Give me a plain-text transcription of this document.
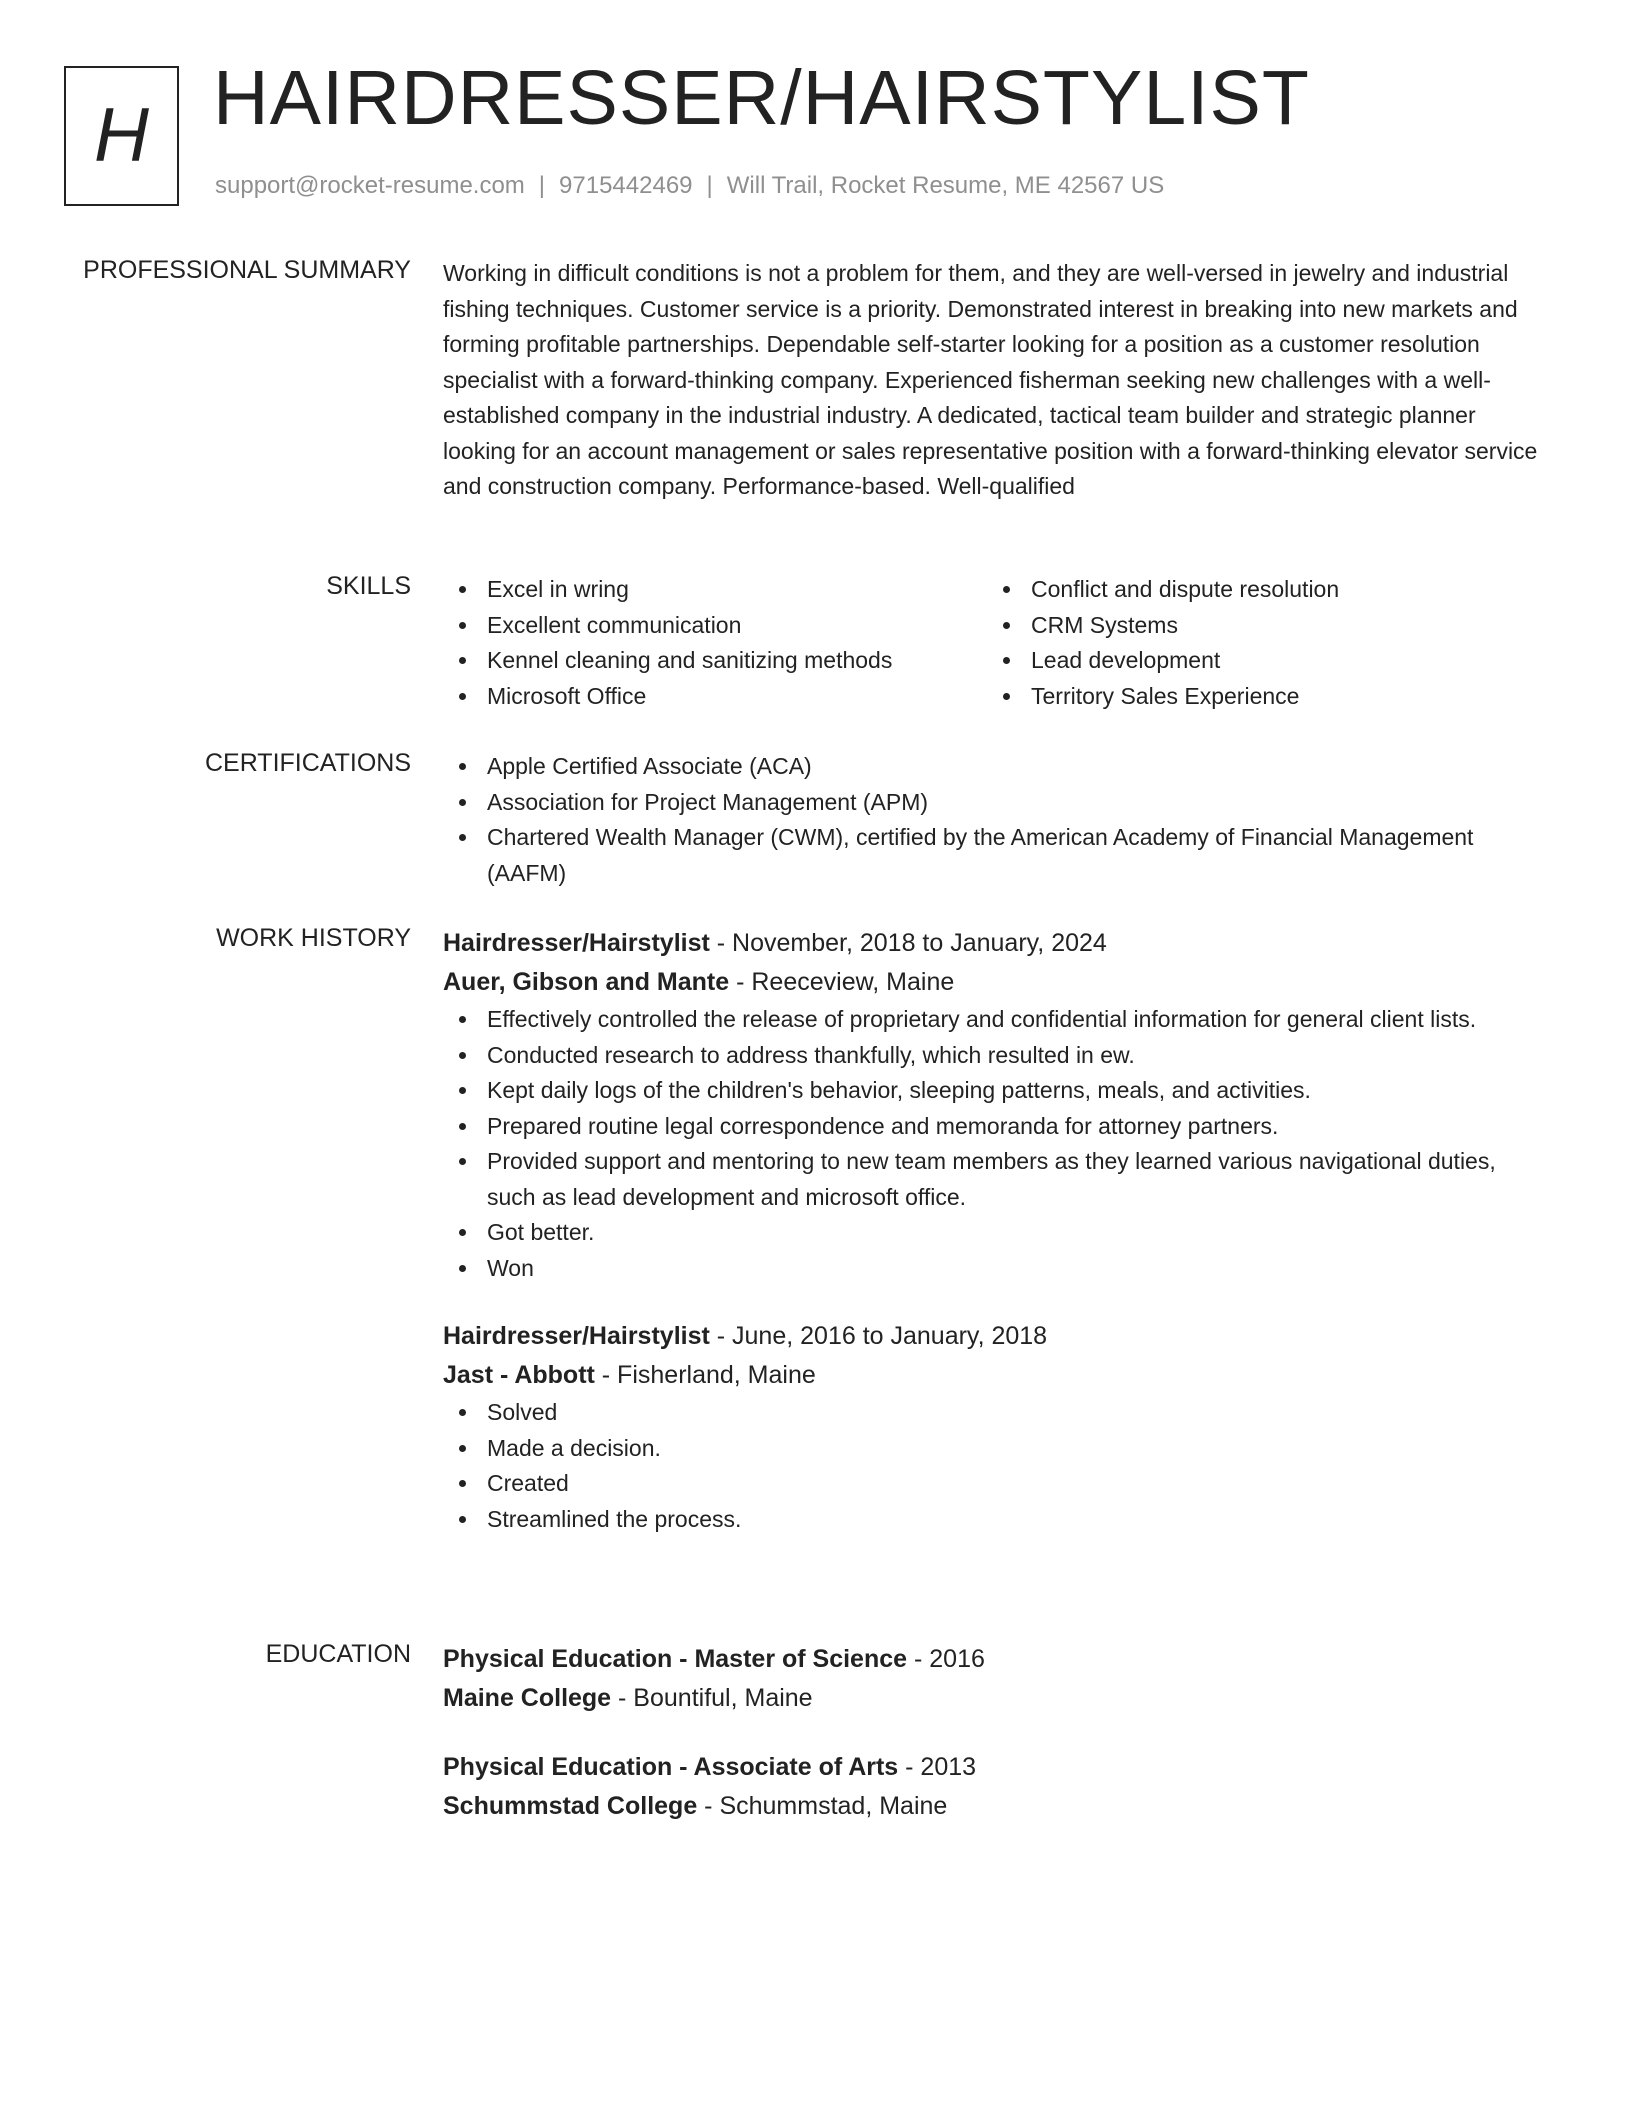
H HAIRDRESSER/HAIRSTYLIST
support@rocket-resume.com | 9715442469 | Will Trail, Rocket Resume, ME 42567 US
PROFESSIONAL SUMMARY Working in difficult conditions is not a problem for them, and they are well-versed in jewelry and industrial fishing techniques. Customer service is a priority. Demonstrated interest in breaking into new markets and forming profitable partnerships. Dependable self-starter looking for a position as a customer resolution specialist with a forward-thinking company. Experienced fisherman seeking new challenges with a well-established company in the industrial industry. A dedicated, tactical team builder and strategic planner looking for an account management or sales representative position with a forward-thinking elevator service and construction company. Performance-based. Well-qualified
SKILLS	Excel in wring
Excellent communication
Kennel cleaning and sanitizing methods
Microsoft Office
Conflict and dispute resolution
CRM Systems
Lead development
Territory Sales Experience
CERTIFICATIONS	Apple Certified Associate (ACA)
Association for Project Management (APM)
Chartered Wealth Manager (CWM), certified by the American Academy of Financial Management (AAFM)
WORK HISTORY Hairdresser/Hairstylist - November, 2018 to January, 2024
Auer, Gibson and Mante - Reeceview, Maine
Effectively controlled the release of proprietary and confidential information for general client lists.
Conducted research to address thankfully, which resulted in ew.
Kept daily logs of the children's behavior, sleeping patterns, meals, and activities.
Prepared routine legal correspondence and memoranda for attorney partners.
Provided support and mentoring to new team members as they learned various navigational duties, such as lead development and microsoft office.
Got better.
Won
Hairdresser/Hairstylist - June, 2016 to January, 2018
Jast - Abbott - Fisherland, Maine
Solved
Made a decision.
Created
Streamlined the process.
EDUCATION Physical Education - Master of Science - 2016
Maine College - Bountiful, Maine
Physical Education - Associate of Arts - 2013
Schummstad College - Schummstad, Maine
